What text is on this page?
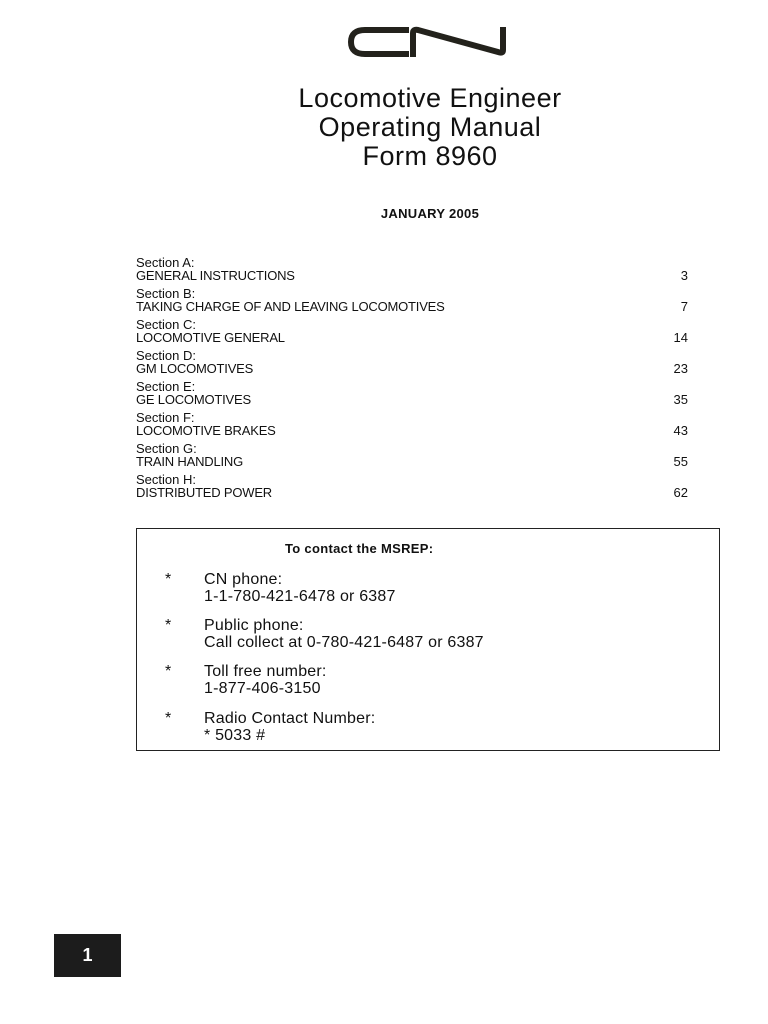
Locomotive Engineer
Operating Manual
Form 8960
JANUARY 2005
Section A:
GENERAL INSTRUCTIONS	3
Section B:
TAKING CHARGE OF AND LEAVING LOCOMOTIVES	7
Section C:
LOCOMOTIVE GENERAL	14
Section D:
GM LOCOMOTIVES	23
Section E:
GE LOCOMOTIVES	35
Section F:
LOCOMOTIVE BRAKES	43
Section G:
TRAIN HANDLING	55
Section H:
DISTRIBUTED POWER	62
To contact the MSREP:
* CN phone:
1-1-780-421-6478 or 6387
* Public phone:
Call collect at 0-780-421-6487 or 6387
* Toll free number:
1-877-406-3150
* Radio Contact Number:
* 5033 #
1
